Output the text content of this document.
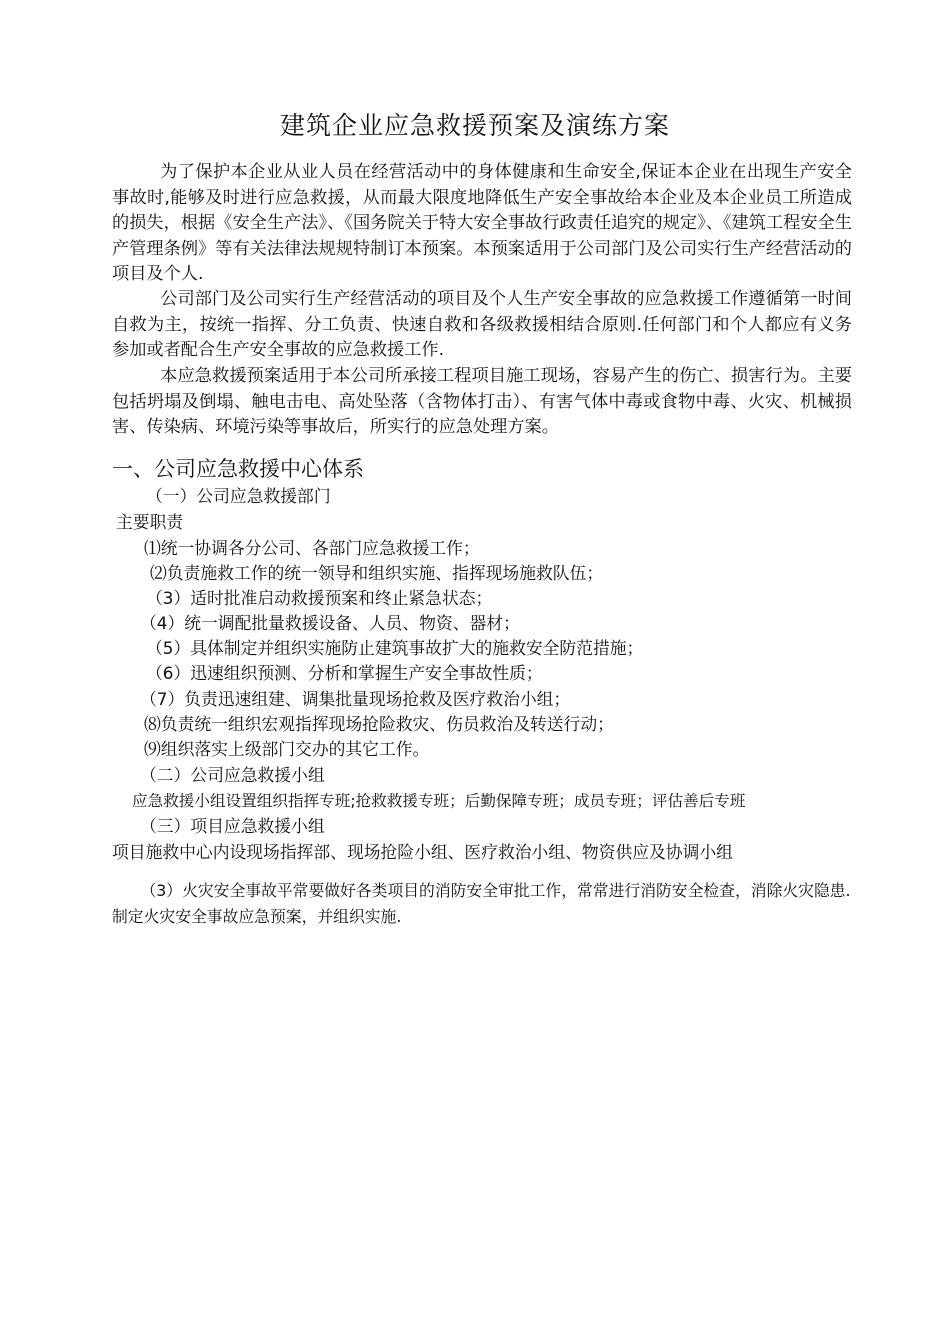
建筑企业应急救援预案及演练方案

为了保护本企业从业人员在经营活动中的身体健康和生命安全,保证本企业在出现生产安全事故时,能够及时进行应急救援，从而最大限度地降低生产安全事故给本企业及本企业员工所造成的损失，根据《安全生产法》、《国务院关于特大安全事故行政责任追究的规定》、《建筑工程安全生产管理条例》等有关法律法规规特制订本预案。本预案适用于公司部门及公司实行生产经营活动的项目及个人.

公司部门及公司实行生产经营活动的项目及个人生产安全事故的应急救援工作遵循第一时间自救为主，按统一指挥、分工负责、快速自救和各级救援相结合原则.任何部门和个人都应有义务参加或者配合生产安全事故的应急救援工作.

本应急救援预案适用于本公司所承接工程项目施工现场，容易产生的伤亡、损害行为。主要包括坍塌及倒塌、触电击电、高处坠落（含物体打击）、有害气体中毒或食物中毒、火灾、机械损害、传染病、环境污染等事故后，所实行的应急处理方案。

一、公司应急救援中心体系
（一）公司应急救援部门
主要职责
⑴统一协调各分公司、各部门应急救援工作；
⑵负责施救工作的统一领导和组织实施、指挥现场施救队伍；
（3）适时批准启动救援预案和终止紧急状态；
（4）统一调配批量救援设备、人员、物资、器材；
（5）具体制定并组织实施防止建筑事故扩大的施救安全防范措施；
（6）迅速组织预测、分析和掌握生产安全事故性质；
（7）负责迅速组建、调集批量现场抢救及医疗救治小组；
⑻负责统一组织宏观指挥现场抢险救灾、伤员救治及转送行动；
⑼组织落实上级部门交办的其它工作。
（二）公司应急救援小组
应急救援小组设置组织指挥专班;抢救救援专班；后勤保障专班；成员专班；评估善后专班
（三）项目应急救援小组
项目施救中心内设现场指挥部、现场抢险小组、医疗救治小组、物资供应及协调小组

（3）火灾安全事故平常要做好各类项目的消防安全审批工作，常常进行消防安全检查，消除火灾隐患.制定火灾安全事故应急预案，并组织实施.
